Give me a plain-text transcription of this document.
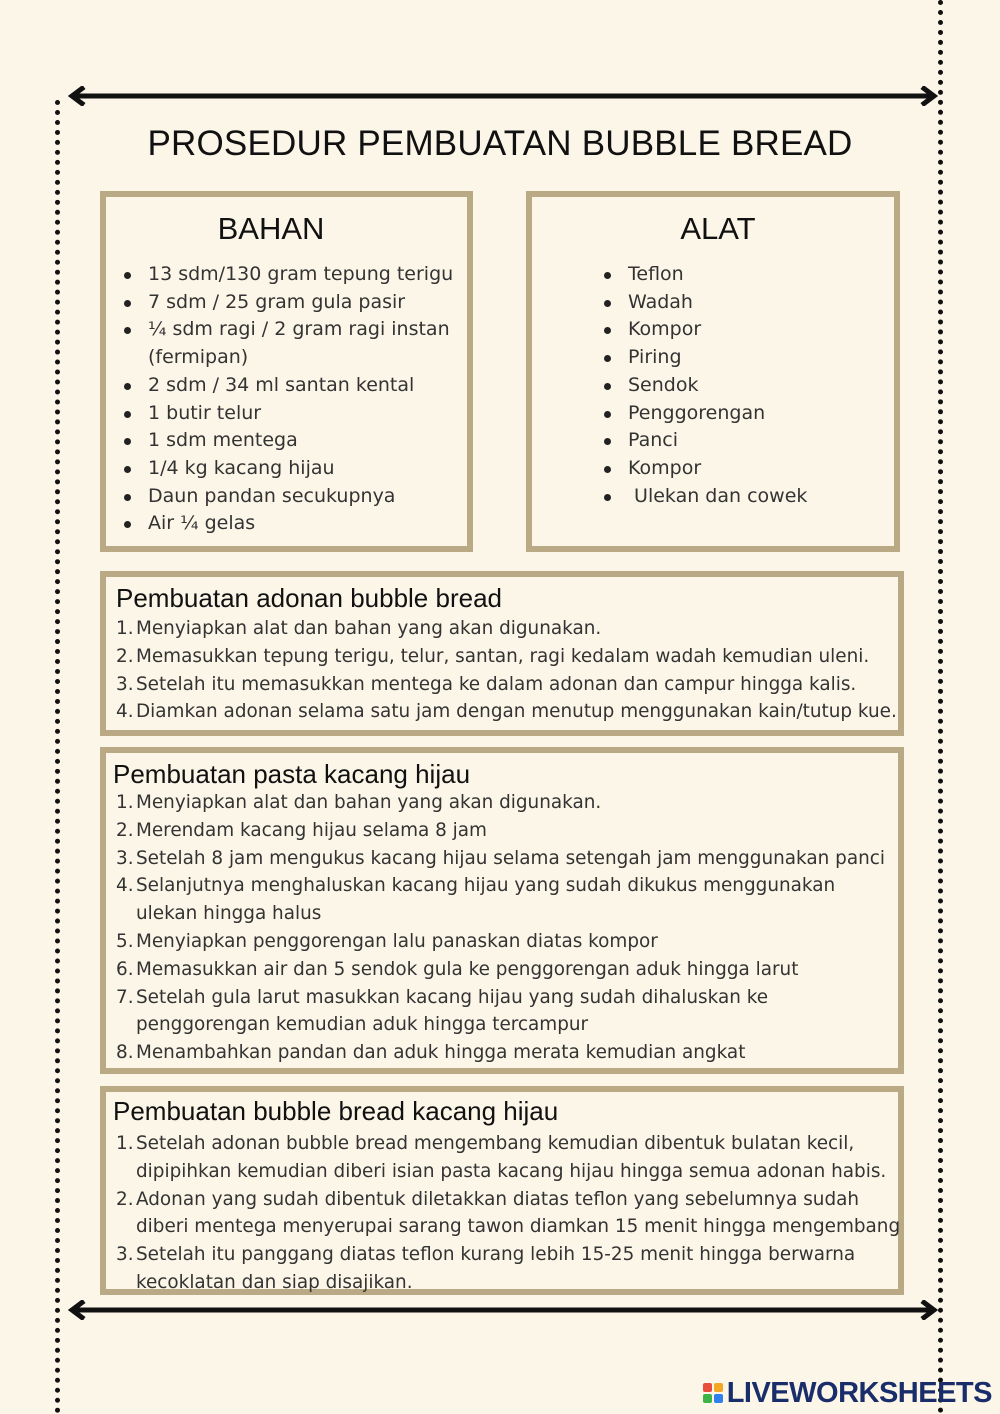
PROSEDUR PEMBUATAN BUBBLE BREAD
BAHAN
13 sdm/130 gram tepung terigu
7 sdm / 25 gram gula pasir
¼ sdm ragi / 2 gram ragi instan
(fermipan)
2 sdm / 34 ml santan kental
1 butir telur
1 sdm mentega
1/4 kg kacang hijau
Daun pandan secukupnya
Air ¼ gelas
ALAT
Teflon
Wadah
Kompor
Piring
Sendok
Penggorengan
Panci
Kompor
Ulekan dan cowek
Pembuatan adonan bubble bread
1. Menyiapkan alat dan bahan yang akan digunakan.
2. Memasukkan tepung terigu, telur, santan, ragi kedalam wadah kemudian uleni.
3. Setelah itu memasukkan mentega ke dalam adonan dan campur hingga kalis.
4. Diamkan adonan selama satu jam dengan menutup menggunakan kain/tutup kue.
Pembuatan pasta kacang hijau
1. Menyiapkan alat dan bahan yang akan digunakan.
2. Merendam kacang hijau selama 8 jam
3. Setelah 8 jam mengukus kacang hijau selama setengah jam menggunakan panci
4. Selanjutnya menghaluskan kacang hijau yang sudah dikukus menggunakan ulekan hingga halus
5. Menyiapkan penggorengan lalu panaskan diatas kompor
6. Memasukkan air dan 5 sendok gula ke penggorengan aduk hingga larut
7. Setelah gula larut masukkan kacang hijau yang sudah dihaluskan ke penggorengan kemudian aduk hingga tercampur
8. Menambahkan pandan dan aduk hingga merata kemudian angkat
Pembuatan bubble bread kacang hijau
1. Setelah adonan bubble bread mengembang kemudian dibentuk bulatan kecil, dipipihkan kemudian diberi isian pasta kacang hijau hingga semua adonan habis.
2. Adonan yang sudah dibentuk diletakkan diatas teflon yang sebelumnya sudah diberi mentega menyerupai sarang tawon diamkan 15 menit hingga mengembang
3. Setelah itu panggang diatas teflon kurang lebih 15-25 menit hingga berwarna kecoklatan dan siap disajikan.
LIVEWORKSHEETS
